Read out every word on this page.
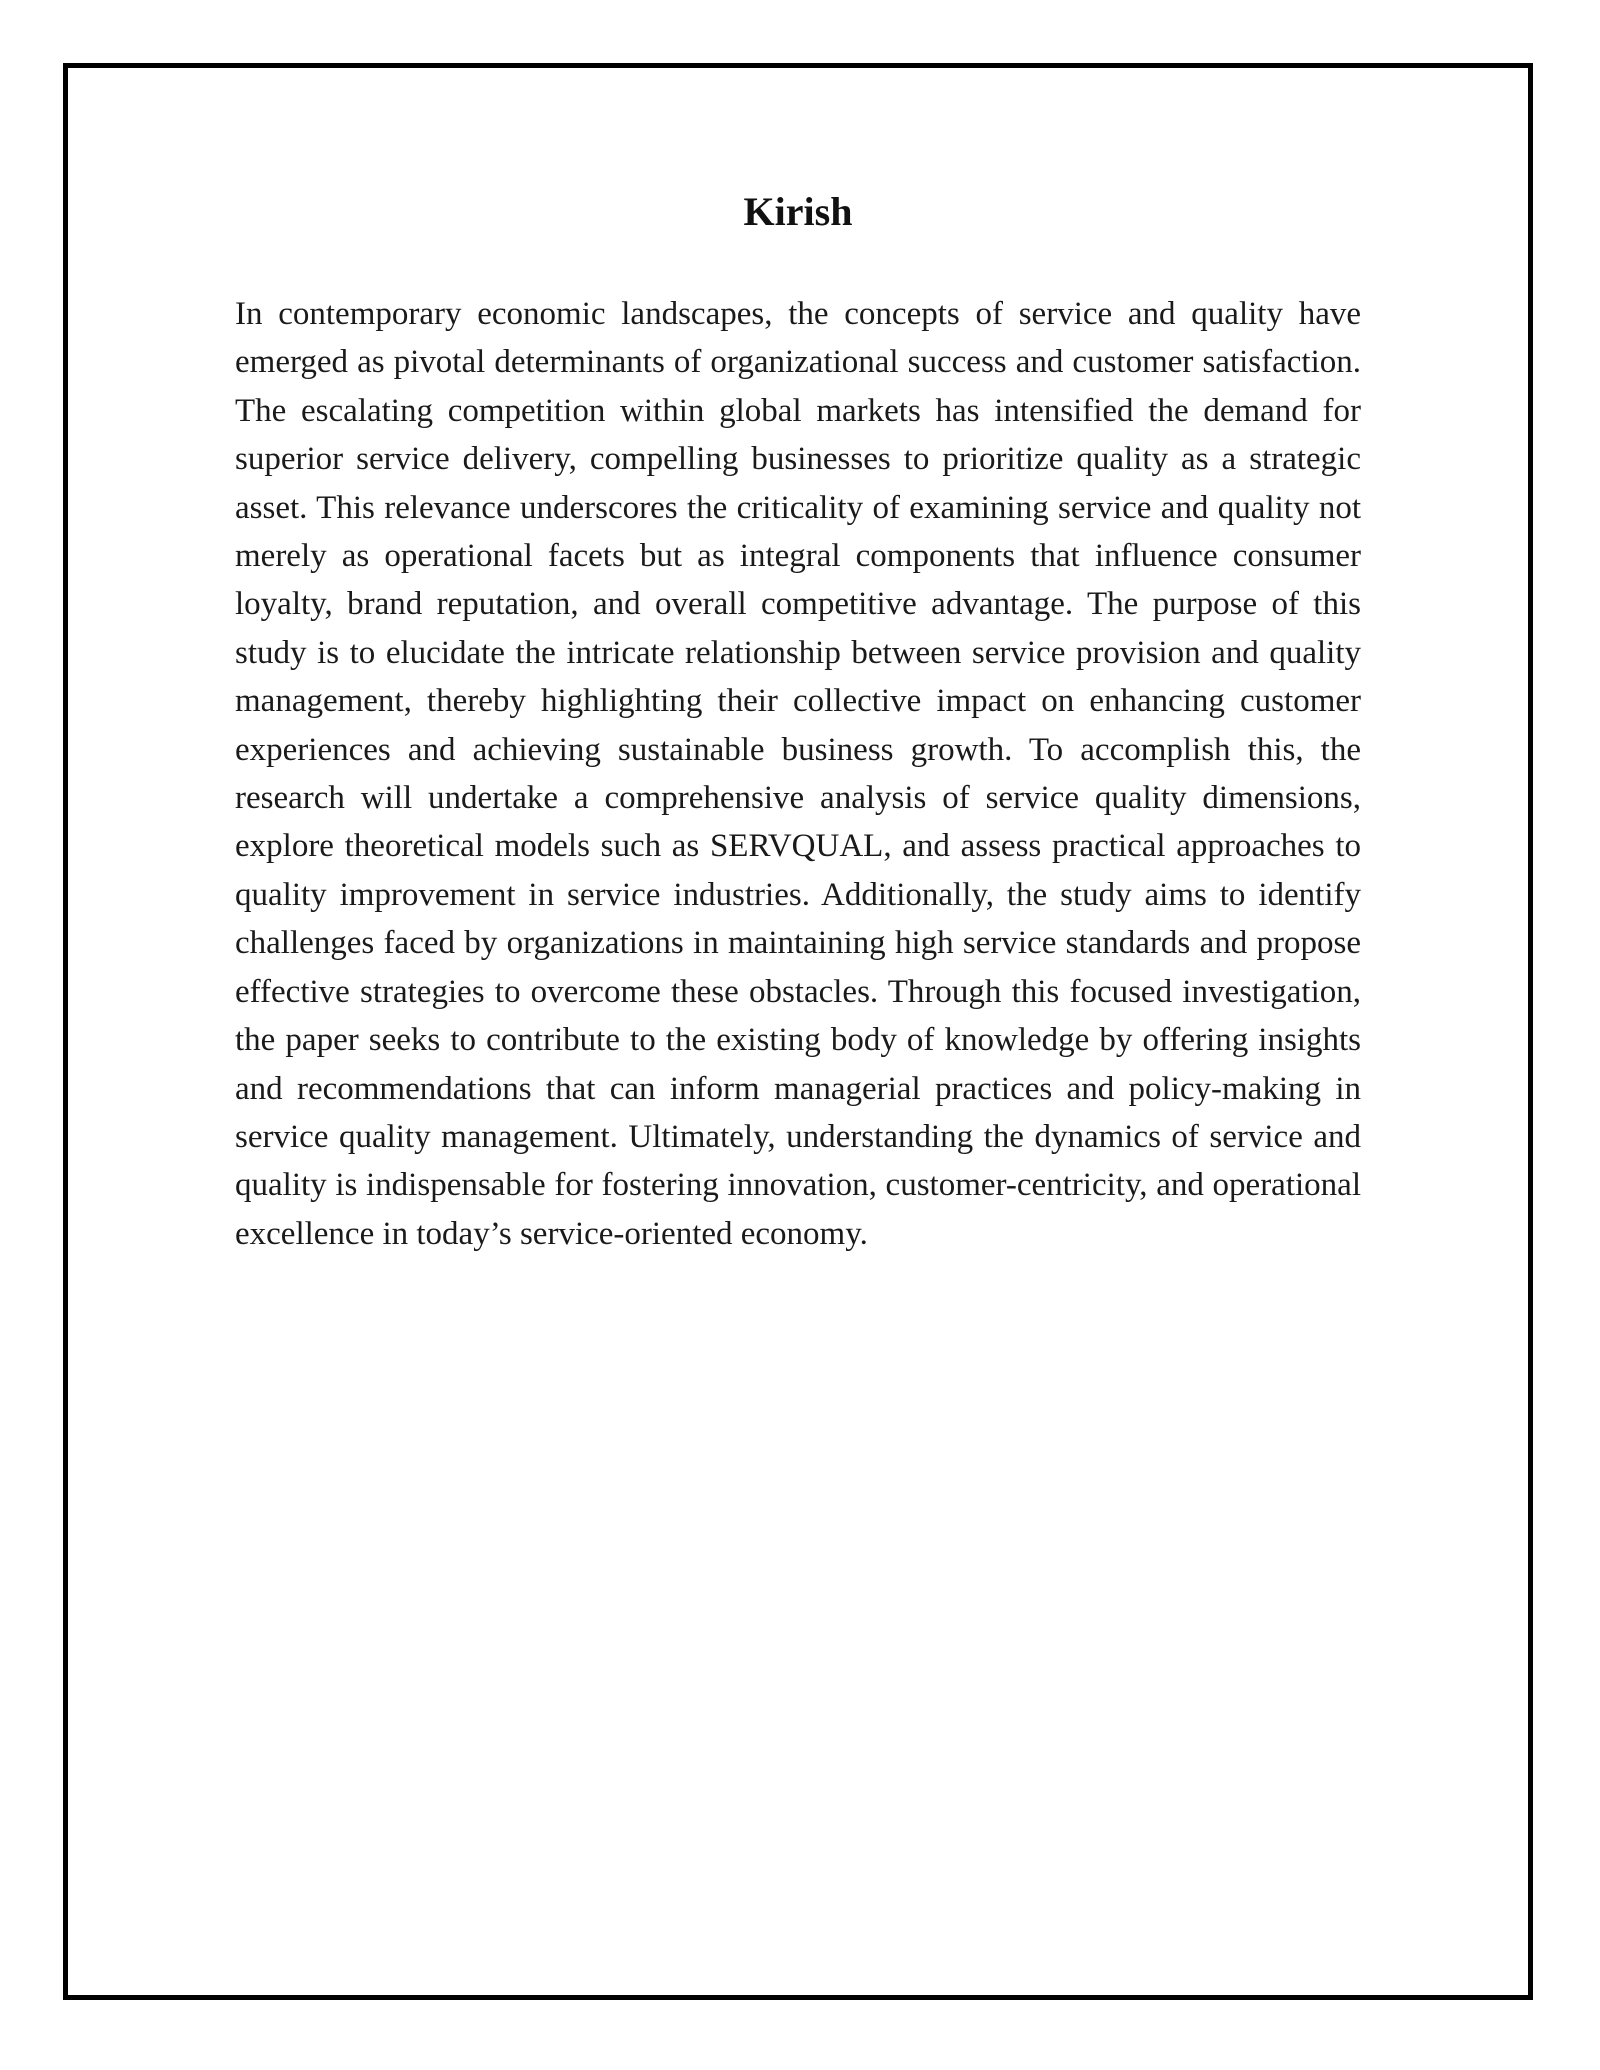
Kirish

In contemporary economic landscapes, the concepts of service and quality have emerged as pivotal determinants of organizational success and customer satisfaction. The escalating competition within global markets has intensified the demand for superior service delivery, compelling businesses to prioritize quality as a strategic asset. This relevance underscores the criticality of examining service and quality not merely as operational facets but as integral components that influence consumer loyalty, brand reputation, and overall competitive advantage. The purpose of this study is to elucidate the intricate relationship between service provision and quality management, thereby highlighting their collective impact on enhancing customer experiences and achieving sustainable business growth. To accomplish this, the research will undertake a comprehensive analysis of service quality dimensions, explore theoretical models such as SERVQUAL, and assess practical approaches to quality improvement in service industries. Additionally, the study aims to identify challenges faced by organizations in maintaining high service standards and propose effective strategies to overcome these obstacles. Through this focused investigation, the paper seeks to contribute to the existing body of knowledge by offering insights and recommendations that can inform managerial practices and policy-making in service quality management. Ultimately, understanding the dynamics of service and quality is indispensable for fostering innovation, customer-centricity, and operational excellence in today’s service-oriented economy.
